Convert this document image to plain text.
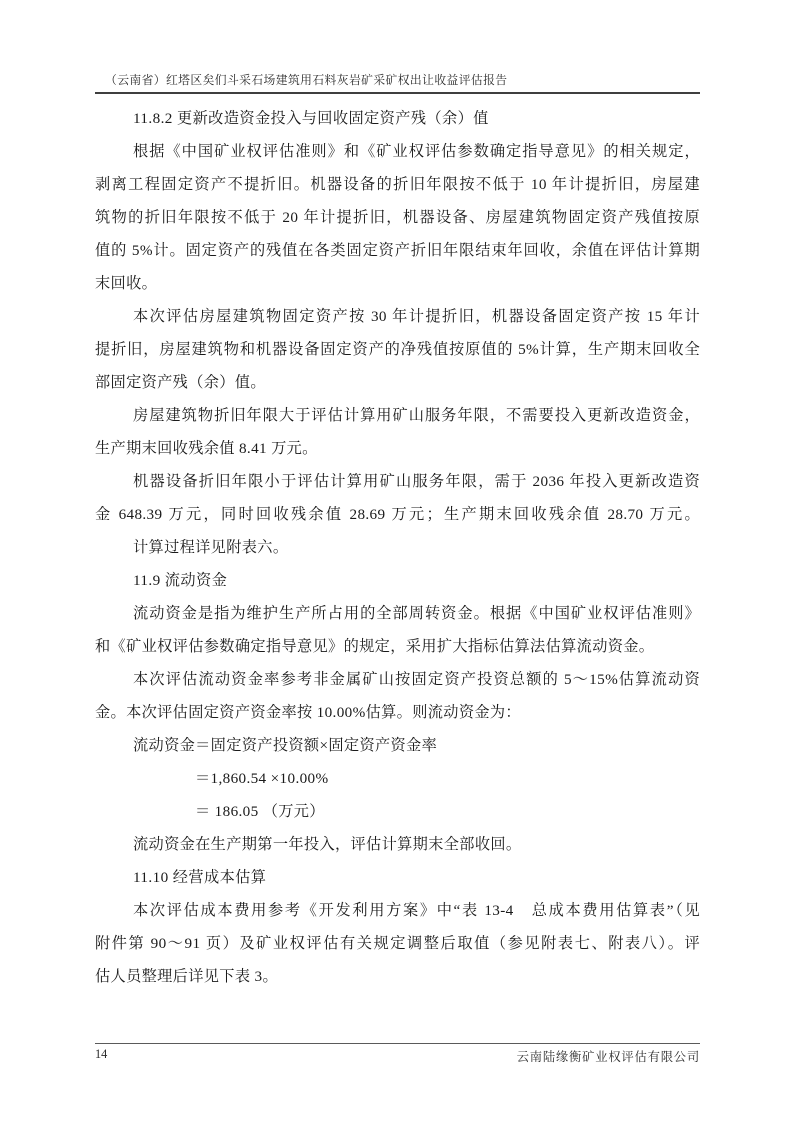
（云南省）红塔区矣们斗采石场建筑用石料灰岩矿采矿权出让收益评估报告
11.8.2 更新改造资金投入与回收固定资产残（余）值

根据《中国矿业权评估准则》和《矿业权评估参数确定指导意见》的相关规定，
剥离工程固定资产不提折旧。机器设备的折旧年限按不低于 10 年计提折旧，房屋建
筑物的折旧年限按不低于 20 年计提折旧，机器设备、房屋建筑物固定资产残值按原
值的 5%计。固定资产的残值在各类固定资产折旧年限结束年回收，余值在评估计算期
末回收。

本次评估房屋建筑物固定资产按 30 年计提折旧，机器设备固定资产按 15 年计
提折旧，房屋建筑物和机器设备固定资产的净残值按原值的 5%计算，生产期末回收全
部固定资产残（余）值。

房屋建筑物折旧年限大于评估计算用矿山服务年限，不需要投入更新改造资金，
生产期末回收残余值 8.41 万元。

机器设备折旧年限小于评估计算用矿山服务年限，需于 2036 年投入更新改造资
金 648.39 万元，同时回收残余值 28.69 万元；生产期末回收残余值 28.70 万元。

计算过程详见附表六。

11.9 流动资金

流动资金是指为维护生产所占用的全部周转资金。根据《中国矿业权评估准则》
和《矿业权评估参数确定指导意见》的规定，采用扩大指标估算法估算流动资金。

本次评估流动资金率参考非金属矿山按固定资产投资总额的 5～15%估算流动资
金。本次评估固定资产资金率按 10.00%估算。则流动资金为：

流动资金＝固定资产投资额×固定资产资金率
＝1,860.54 ×10.00%
＝ 186.05 （万元）

流动资金在生产期第一年投入，评估计算期末全部收回。

11.10 经营成本估算

本次评估成本费用参考《开发利用方案》中“表 13-4　总成本费用估算表”（见
附件第 90～91 页）及矿业权评估有关规定调整后取值（参见附表七、附表八）。评
估人员整理后详见下表 3。

14	云南陆缘衡矿业权评估有限公司
